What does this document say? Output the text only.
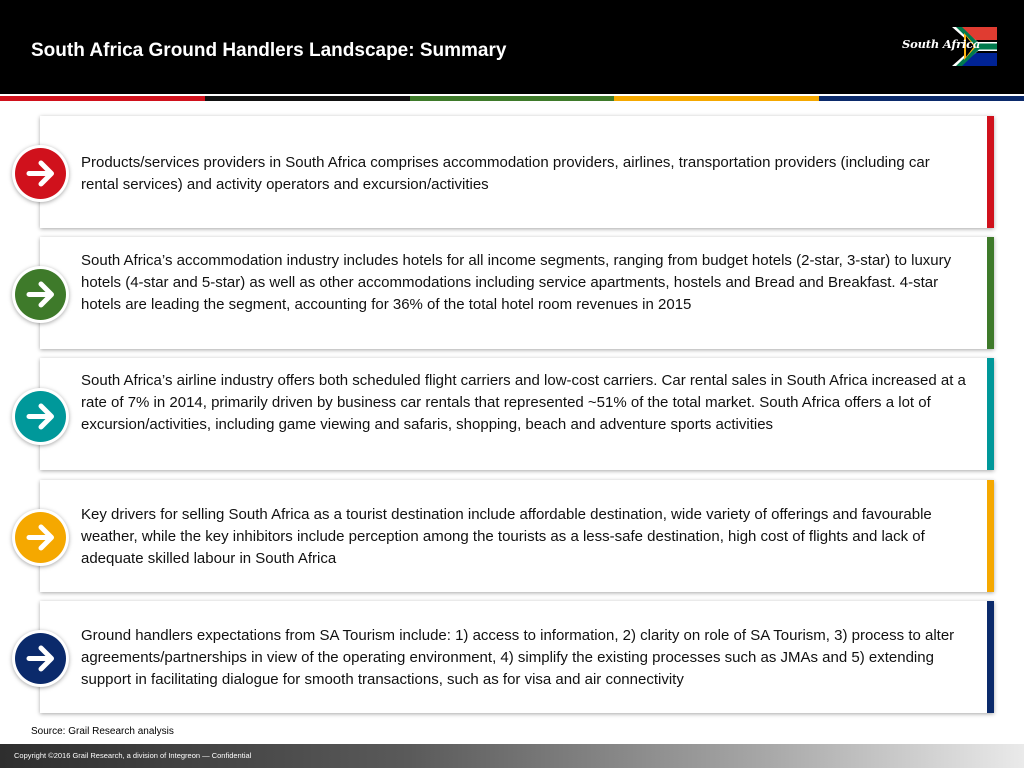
South Africa Ground Handlers Landscape: Summary	South Africa
Products/services providers in South Africa comprises accommodation providers, airlines, transportation providers (including car rental services) and activity operators and excursion/activities
South Africa’s accommodation industry includes hotels for all income segments, ranging from budget hotels (2-star, 3-star) to luxury hotels (4-star and 5-star) as well as other accommodations including service apartments, hostels and Bread and Breakfast. 4-star hotels are leading the segment, accounting for 36% of the total hotel room revenues in 2015
South Africa’s airline industry offers both scheduled flight carriers and low-cost carriers. Car rental sales in South Africa increased at a rate of 7% in 2014, primarily driven by business car rentals that represented ~51% of the total market. South Africa offers a lot of excursion/activities, including game viewing and safaris, shopping, beach and adventure sports activities
Key drivers for selling South Africa as a tourist destination include affordable destination, wide variety of offerings and favourable weather, while the key inhibitors include perception among the tourists as a less-safe destination, high cost of flights and lack of adequate skilled labour in South Africa
Ground handlers expectations from SA Tourism include: 1) access to information, 2) clarity on role of SA Tourism, 3) process to alter agreements/partnerships in view of the operating environment, 4) simplify the existing processes such as JMAs and 5) extending support in facilitating dialogue for smooth transactions, such as for visa and air connectivity
Source: Grail Research analysis
Copyright ©2016 Grail Research, a division of Integreon — Confidential
